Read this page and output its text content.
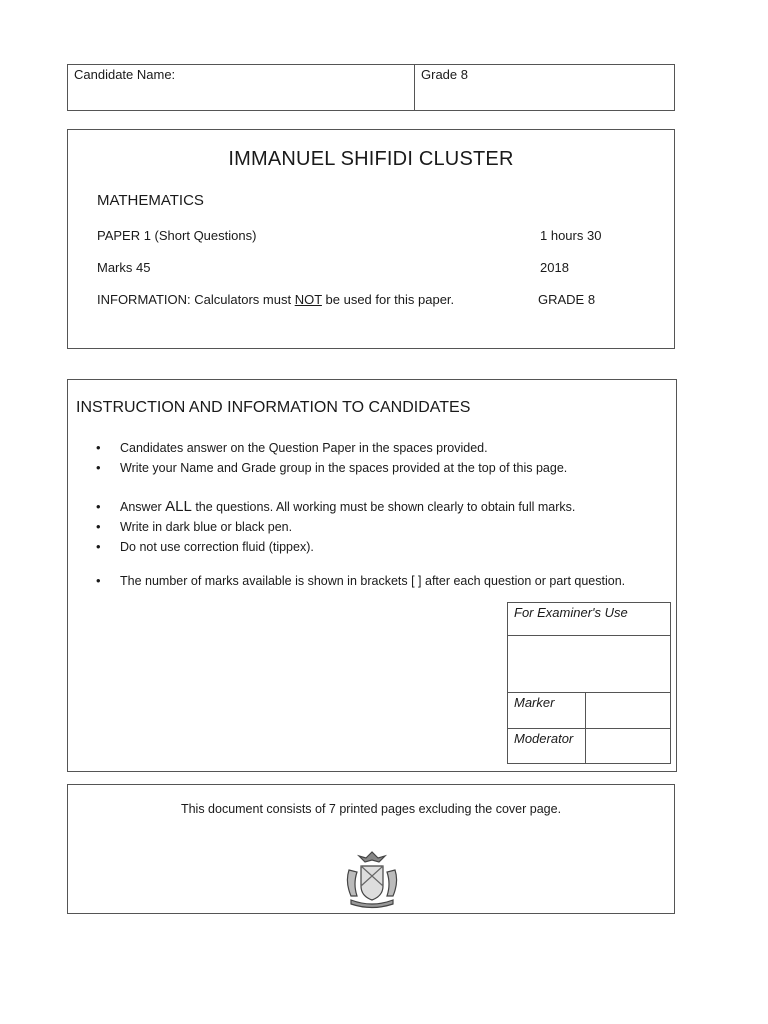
Candidate Name:	Grade 8
IMMANUEL SHIFIDI CLUSTER
MATHEMATICS
PAPER 1 (Short Questions)	1 hours 30
Marks 45	2018
INFORMATION: Calculators must NOT be used for this paper.	GRADE 8
INSTRUCTION AND INFORMATION TO CANDIDATES
• Candidates answer on the Question Paper in the spaces provided.
• Write your Name and Grade group in the spaces provided at the top of this page.
• Answer ALL the questions. All working must be shown clearly to obtain full marks.
• Write in dark blue or black pen.
• Do not use correction fluid (tippex).
• The number of marks available is shown in brackets [ ] after each question or part question.
For Examiner's Use
Marker
Moderator
This document consists of 7 printed pages excluding the cover page.
